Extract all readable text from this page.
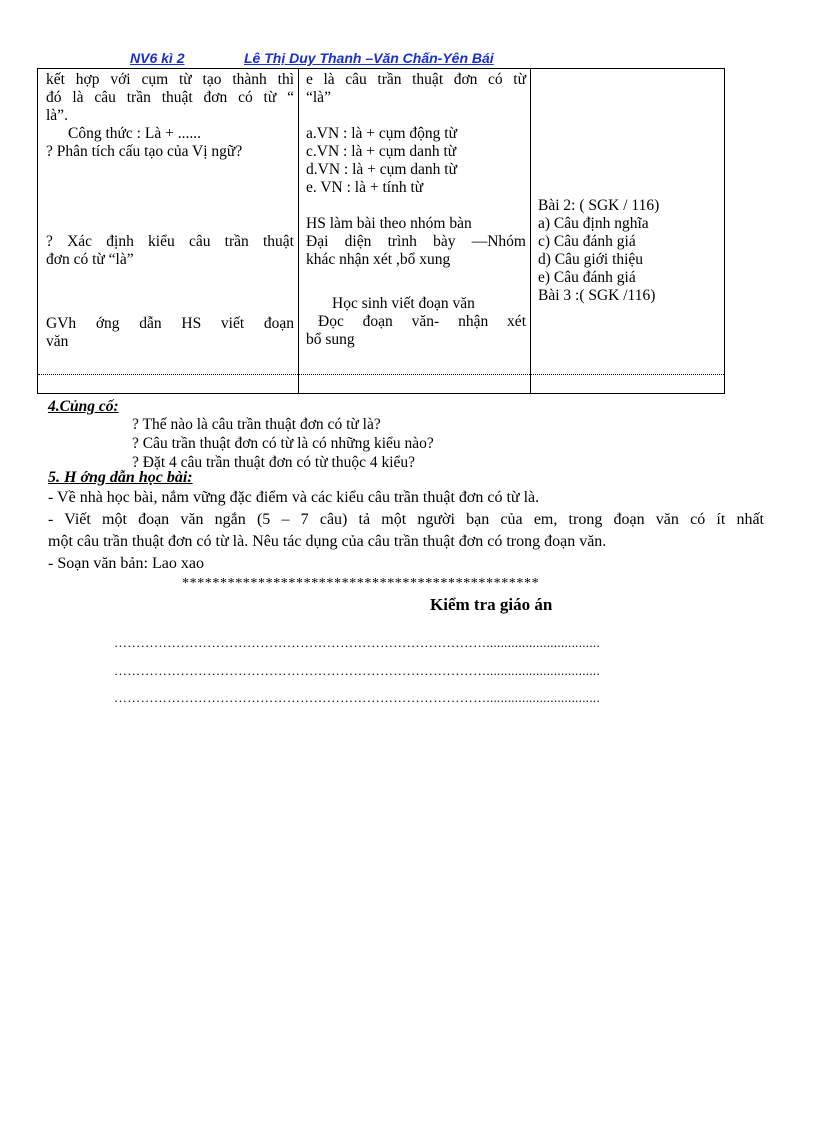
NV6 kì 2	Lê Thị Duy Thanh –Văn Chấn-Yên Bái

kết hợp với cụm từ tạo thành thì

đó là câu trần thuật đơn có từ “

là”.

Công thức : Là + ......

? Phân tích cấu tạo của Vị ngữ?

? Xác định kiểu câu trần thuật

đơn có từ “là”

GVh ớng dẫn HS viết đoạn

văn

e là câu trần thuật đơn có từ

“là”

a.VN : là + cụm động từ

c.VN : là + cụm danh từ

d.VN : là + cụm danh từ

e. VN : là + tính từ

HS làm bài theo nhóm bàn

Đại diện trình bày —Nhóm

khác nhận xét ,bổ xung

Học sinh viết đoạn văn

Đọc đoạn văn- nhận xét

bổ sung

Bài 2: ( SGK / 116)

a) Câu định nghĩa

c) Câu đánh giá

d) Câu giới thiệu

e) Câu đánh giá

Bài 3 :( SGK /116)

4.Củng cố:
? Thế nào là câu trần thuật đơn có từ là?
? Câu trần thuật đơn có từ là có những kiểu nào?
? Đặt 4 câu trần thuật đơn có từ thuộc 4 kiểu?
5. H ớng dẫn học bài:
- Về nhà học bài, nắm vững đặc điểm và các kiểu câu trần thuật đơn có từ là.
- Viết một đoạn văn ngắn (5 – 7 câu) tả một người bạn của em, trong đoạn văn có ít nhất
một câu trần thuật đơn có từ là. Nêu tác dụng của câu trần thuật đơn có trong đoạn văn.
- Soạn văn bản: Lao xao
***********************************************
Kiểm tra giáo án
…………………………………………………………………………................................
…………………………………………………………………………................................
…………………………………………………………………………................................
